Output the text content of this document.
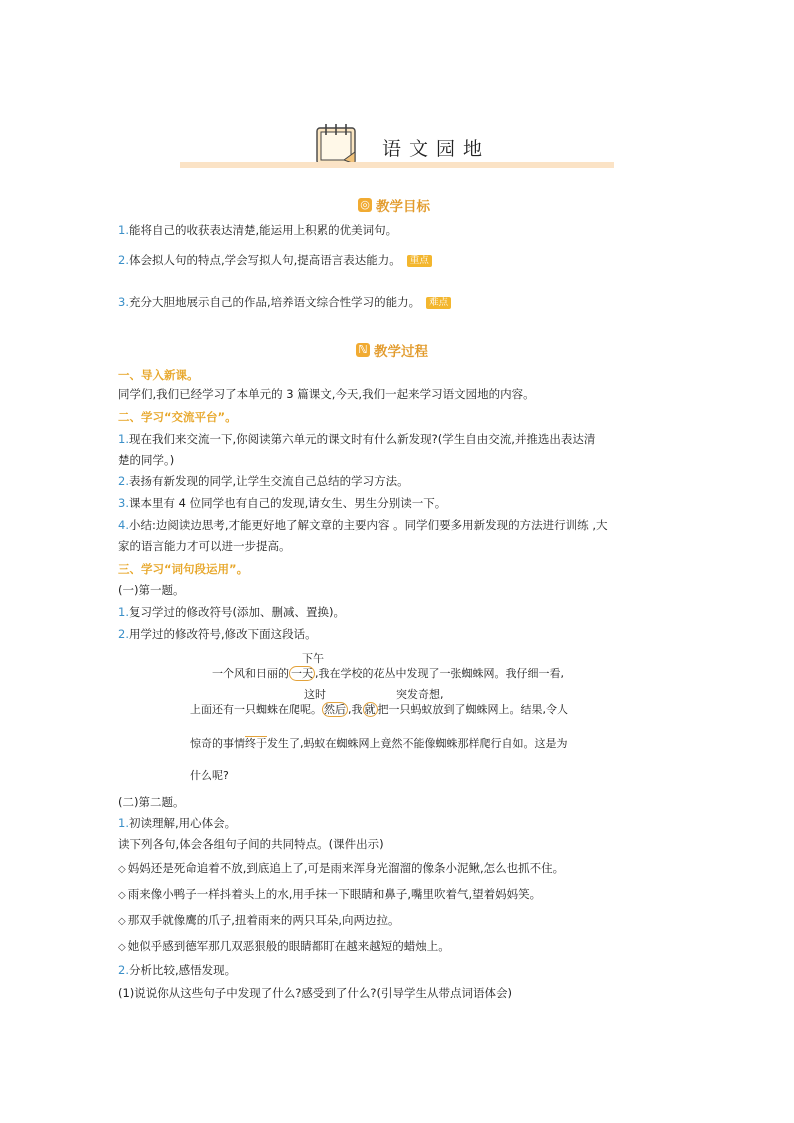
语文园地
◎ 教学目标
1.能将自己的收获表达清楚,能运用上积累的优美词句。
2.体会拟人句的特点,学会写拟人句,提高语言表达能力。 重点
3.充分大胆地展示自己的作品,培养语文综合性学习的能力。 难点
ℕ 教学过程
一、导入新课。
同学们,我们已经学习了本单元的 3 篇课文,今天,我们一起来学习语文园地的内容。
二、学习“交流平台”。
1.现在我们来交流一下,你阅读第六单元的课文时有什么新发现?(学生自由交流,并推选出表达清
楚的同学。)
2.表扬有新发现的同学,让学生交流自己总结的学习方法。
3.课本里有 4 位同学也有自己的发现,请女生、男生分别读一下。
4.小结:边阅读边思考,才能更好地了解文章的主要内容 。同学们要多用新发现的方法进行训练 ,大
家的语言能力才可以进一步提高。
三、学习“词句段运用”。
(一)第一题。
1.复习学过的修改符号(添加、删减、置换)。
2.用学过的修改符号,修改下面这段话。
下午
一个风和日丽的 一天 ,我在学校的花丛中发现了一张蜘蛛网。我仔细一看,
这时	突发奇想,
上面还有一只蜘蛛在爬呢。 然后 ,我 就 把一只蚂蚁放到了蜘蛛网上。结果,令人
惊奇的事情终于发生了,蚂蚁在蜘蛛网上竟然不能像蜘蛛那样爬行自如。这是为
什么呢?
(二)第二题。
1.初读理解,用心体会。
读下列各句,体会各组句子间的共同特点。(课件出示)
◇ 妈妈还是死命追着不放,到底追上了,可是雨来浑身光溜溜的像条小泥鳅,怎么也抓不住。
◇ 雨来像小鸭子一样抖着头上的水,用手抹一下眼睛和鼻子,嘴里吹着气,望着妈妈笑。
◇ 那双手就像鹰的爪子,扭着雨来的两只耳朵,向两边拉。
◇ 她似乎感到德军那几双恶狠般的眼睛都盯在越来越短的蜡烛上。
2.分析比较,感悟发现。
(1)说说你从这些句子中发现了什么?感受到了什么?(引导学生从带点词语体会)
